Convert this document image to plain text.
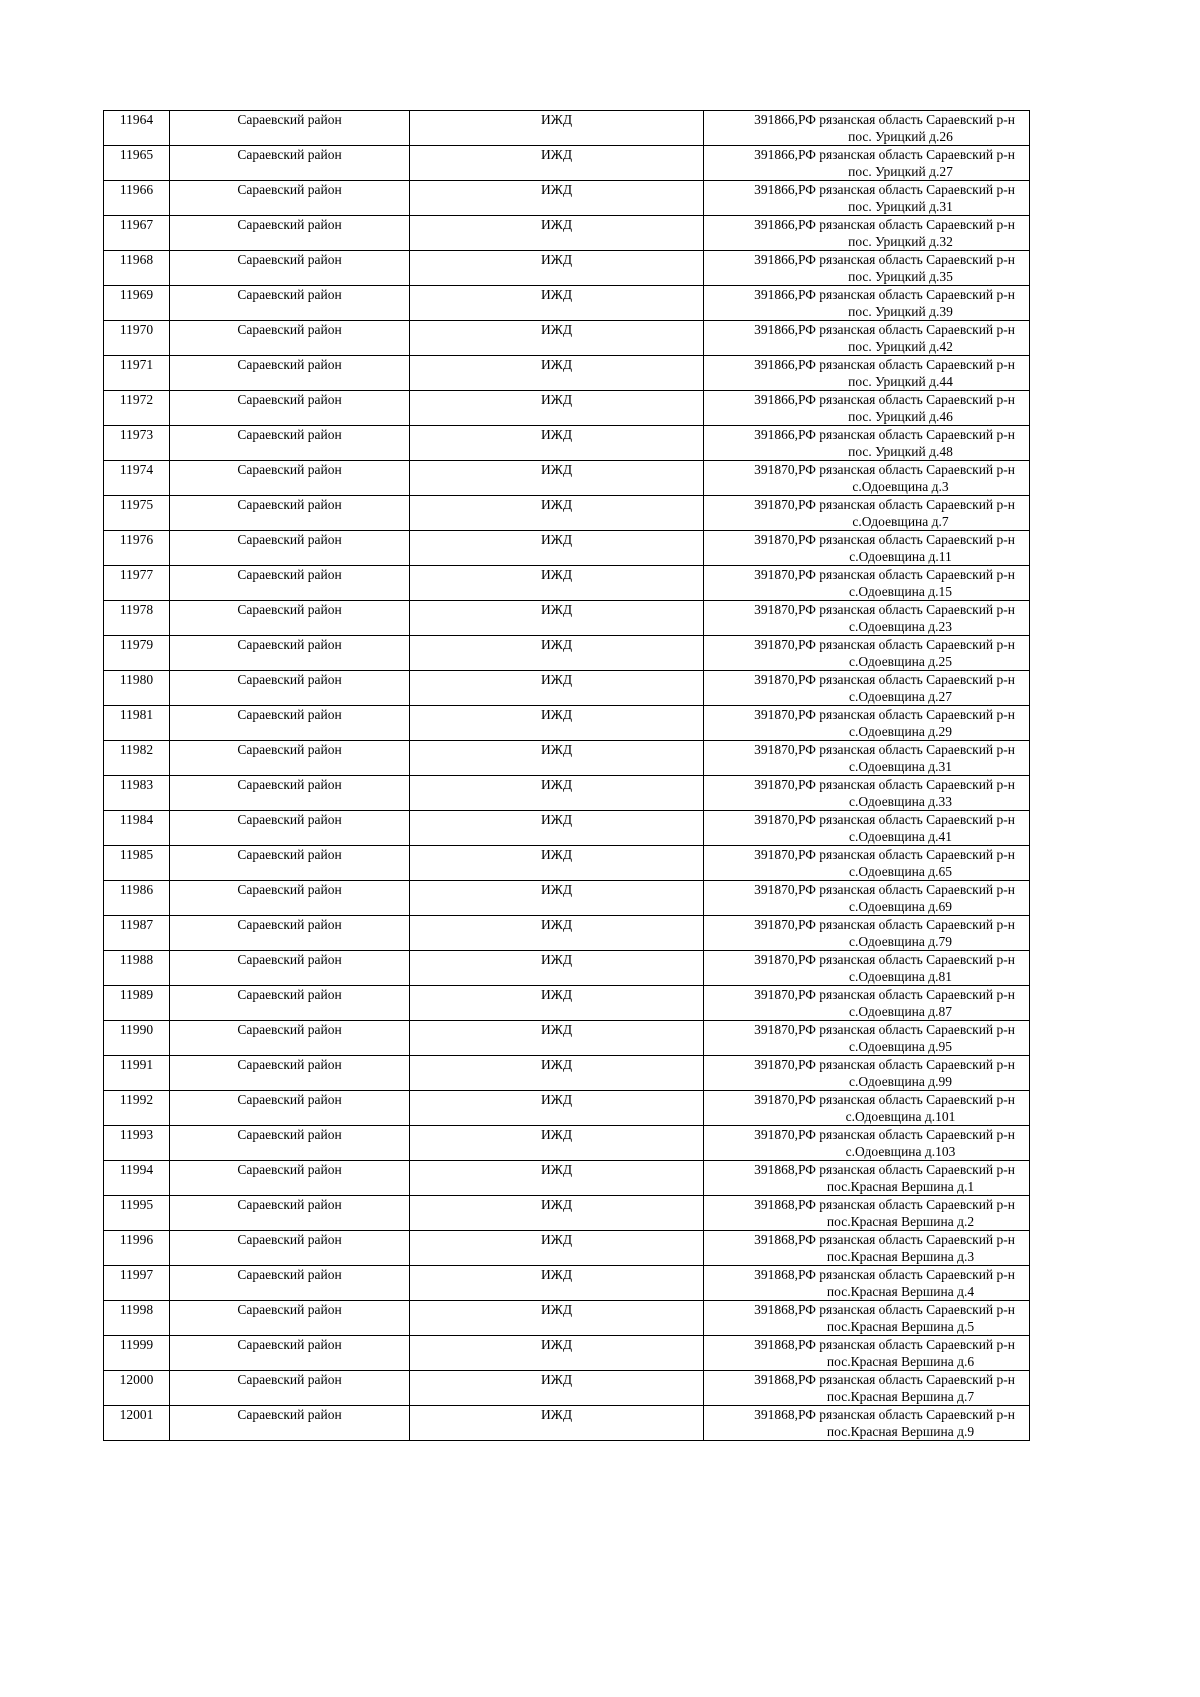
11964	Сараевский район	ИЖД	391866,РФ рязанская область Сараевский р-н
пос. Урицкий д.26

11965	Сараевский район	ИЖД	391866,РФ рязанская область Сараевский р-н
пос. Урицкий д.27

11966	Сараевский район	ИЖД	391866,РФ рязанская область Сараевский р-н
пос. Урицкий д.31

11967	Сараевский район	ИЖД	391866,РФ рязанская область Сараевский р-н
пос. Урицкий д.32

11968	Сараевский район	ИЖД	391866,РФ рязанская область Сараевский р-н
пос. Урицкий д.35

11969	Сараевский район	ИЖД	391866,РФ рязанская область Сараевский р-н
пос. Урицкий д.39

11970	Сараевский район	ИЖД	391866,РФ рязанская область Сараевский р-н
пос. Урицкий д.42

11971	Сараевский район	ИЖД	391866,РФ рязанская область Сараевский р-н
пос. Урицкий д.44

11972	Сараевский район	ИЖД	391866,РФ рязанская область Сараевский р-н
пос. Урицкий д.46

11973	Сараевский район	ИЖД	391866,РФ рязанская область Сараевский р-н
пос. Урицкий д.48

11974	Сараевский район	ИЖД	391870,РФ рязанская область Сараевский р-н
с.Одоевщина д.3

11975	Сараевский район	ИЖД	391870,РФ рязанская область Сараевский р-н
с.Одоевщина д.7

11976	Сараевский район	ИЖД	391870,РФ рязанская область Сараевский р-н
с.Одоевщина д.11

11977	Сараевский район	ИЖД	391870,РФ рязанская область Сараевский р-н
с.Одоевщина д.15

11978	Сараевский район	ИЖД	391870,РФ рязанская область Сараевский р-н
с.Одоевщина д.23

11979	Сараевский район	ИЖД	391870,РФ рязанская область Сараевский р-н
с.Одоевщина д.25

11980	Сараевский район	ИЖД	391870,РФ рязанская область Сараевский р-н
с.Одоевщина д.27

11981	Сараевский район	ИЖД	391870,РФ рязанская область Сараевский р-н
с.Одоевщина д.29

11982	Сараевский район	ИЖД	391870,РФ рязанская область Сараевский р-н
с.Одоевщина д.31

11983	Сараевский район	ИЖД	391870,РФ рязанская область Сараевский р-н
с.Одоевщина д.33

11984	Сараевский район	ИЖД	391870,РФ рязанская область Сараевский р-н
с.Одоевщина д.41

11985	Сараевский район	ИЖД	391870,РФ рязанская область Сараевский р-н
с.Одоевщина д.65

11986	Сараевский район	ИЖД	391870,РФ рязанская область Сараевский р-н
с.Одоевщина д.69

11987	Сараевский район	ИЖД	391870,РФ рязанская область Сараевский р-н
с.Одоевщина д.79

11988	Сараевский район	ИЖД	391870,РФ рязанская область Сараевский р-н
с.Одоевщина д.81

11989	Сараевский район	ИЖД	391870,РФ рязанская область Сараевский р-н
с.Одоевщина д.87

11990	Сараевский район	ИЖД	391870,РФ рязанская область Сараевский р-н
с.Одоевщина д.95

11991	Сараевский район	ИЖД	391870,РФ рязанская область Сараевский р-н
с.Одоевщина д.99

11992	Сараевский район	ИЖД	391870,РФ рязанская область Сараевский р-н
с.Одоевщина д.101

11993	Сараевский район	ИЖД	391870,РФ рязанская область Сараевский р-н
с.Одоевщина д.103

11994	Сараевский район	ИЖД	391868,РФ рязанская область Сараевский р-н
пос.Красная Вершина д.1

11995	Сараевский район	ИЖД	391868,РФ рязанская область Сараевский р-н
пос.Красная Вершина д.2

11996	Сараевский район	ИЖД	391868,РФ рязанская область Сараевский р-н
пос.Красная Вершина д.3

11997	Сараевский район	ИЖД	391868,РФ рязанская область Сараевский р-н
пос.Красная Вершина д.4

11998	Сараевский район	ИЖД	391868,РФ рязанская область Сараевский р-н
пос.Красная Вершина д.5

11999	Сараевский район	ИЖД	391868,РФ рязанская область Сараевский р-н
пос.Красная Вершина д.6

12000	Сараевский район	ИЖД	391868,РФ рязанская область Сараевский р-н
пос.Красная Вершина д.7

12001	Сараевский район	ИЖД	391868,РФ рязанская область Сараевский р-н
пос.Красная Вершина д.9
